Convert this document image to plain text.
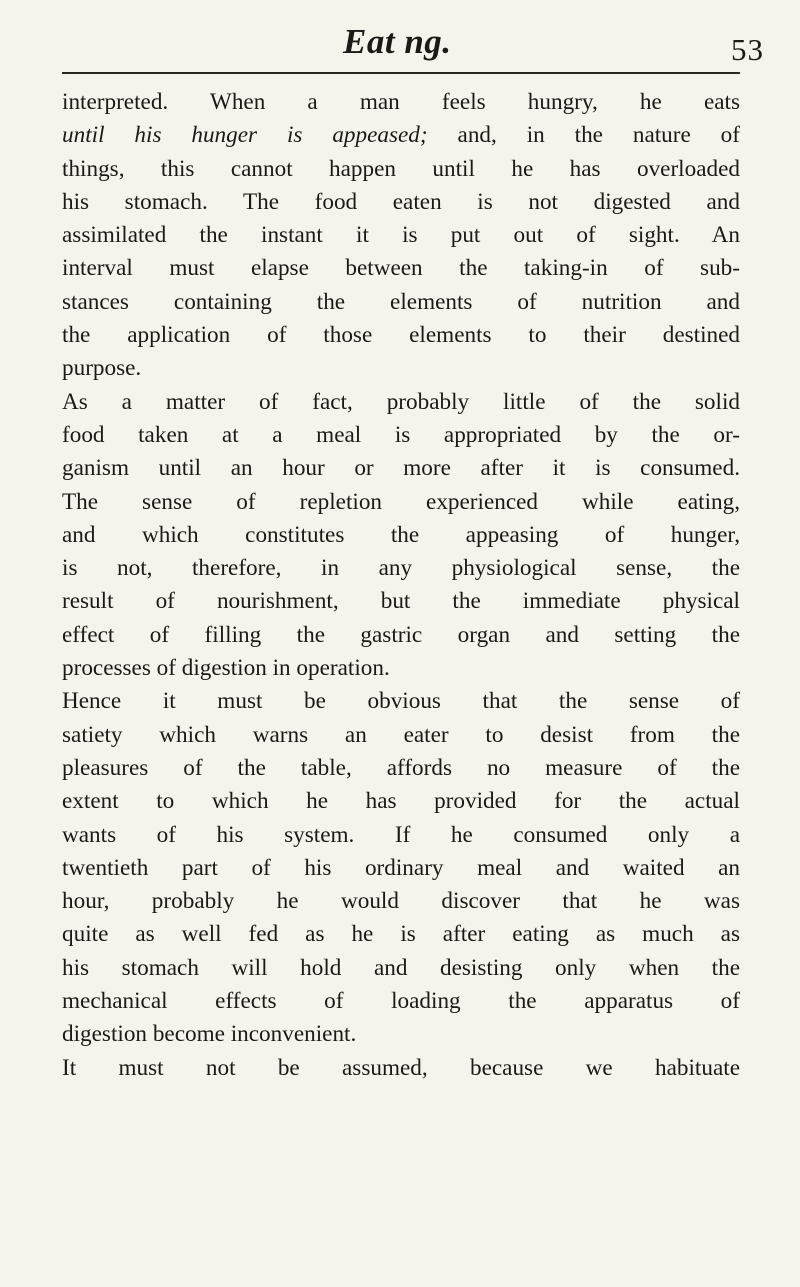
Eat ng.	53
interpreted. When a man feels hungry, he eats
until his hunger is appeased; and, in the nature of
things, this cannot happen until he has overloaded
his stomach. The food eaten is not digested and
assimilated the instant it is put out of sight. An
interval must elapse between the taking-in of sub-
stances containing the elements of nutrition and
the application of those elements to their destined
purpose.
As a matter of fact, probably little of the solid
food taken at a meal is appropriated by the or-
ganism until an hour or more after it is consumed.
The sense of repletion experienced while eating,
and which constitutes the appeasing of hunger,
is not, therefore, in any physiological sense, the
result of nourishment, but the immediate physical
effect of filling the gastric organ and setting the
processes of digestion in operation.
Hence it must be obvious that the sense of
satiety which warns an eater to desist from the
pleasures of the table, affords no measure of the
extent to which he has provided for the actual
wants of his system. If he consumed only a
twentieth part of his ordinary meal and waited an
hour, probably he would discover that he was
quite as well fed as he is after eating as much as
his stomach will hold and desisting only when the
mechanical effects of loading the apparatus of
digestion become inconvenient.
It must not be assumed, because we habituate
